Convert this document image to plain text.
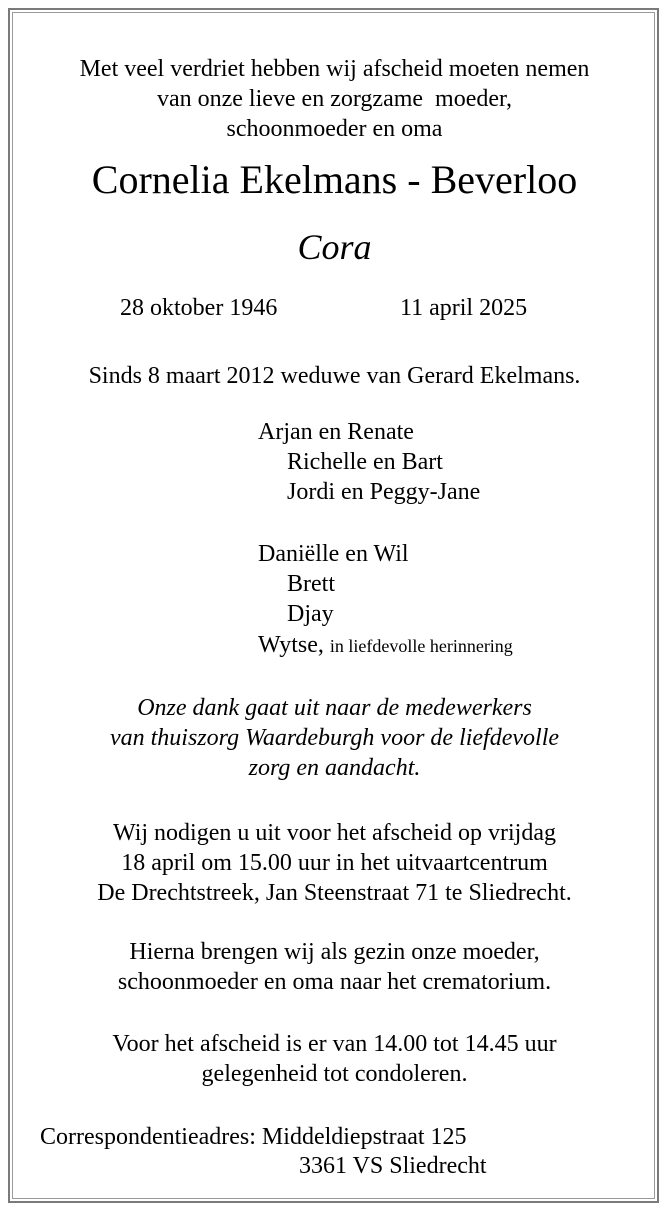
Met veel verdriet hebben wij afscheid moeten nemen
van onze lieve en zorgzame  moeder,
schoonmoeder en oma
Cornelia Ekelmans - Beverloo
Cora
28 oktober 1946	11 april 2025
Sinds 8 maart 2012 weduwe van Gerard Ekelmans.
Arjan en Renate
Richelle en Bart
Jordi en Peggy-Jane
Daniëlle en Wil
Brett
Djay
Wytse, in liefdevolle herinnering
Onze dank gaat uit naar de medewerkers
van thuiszorg Waardeburgh voor de liefdevolle
zorg en aandacht.
Wij nodigen u uit voor het afscheid op vrijdag
18 april om 15.00 uur in het uitvaartcentrum
De Drechtstreek, Jan Steenstraat 71 te Sliedrecht.
Hierna brengen wij als gezin onze moeder,
schoonmoeder en oma naar het crematorium.
Voor het afscheid is er van 14.00 tot 14.45 uur
gelegenheid tot condoleren.
Correspondentieadres: Middeldiepstraat 125
3361 VS Sliedrecht
